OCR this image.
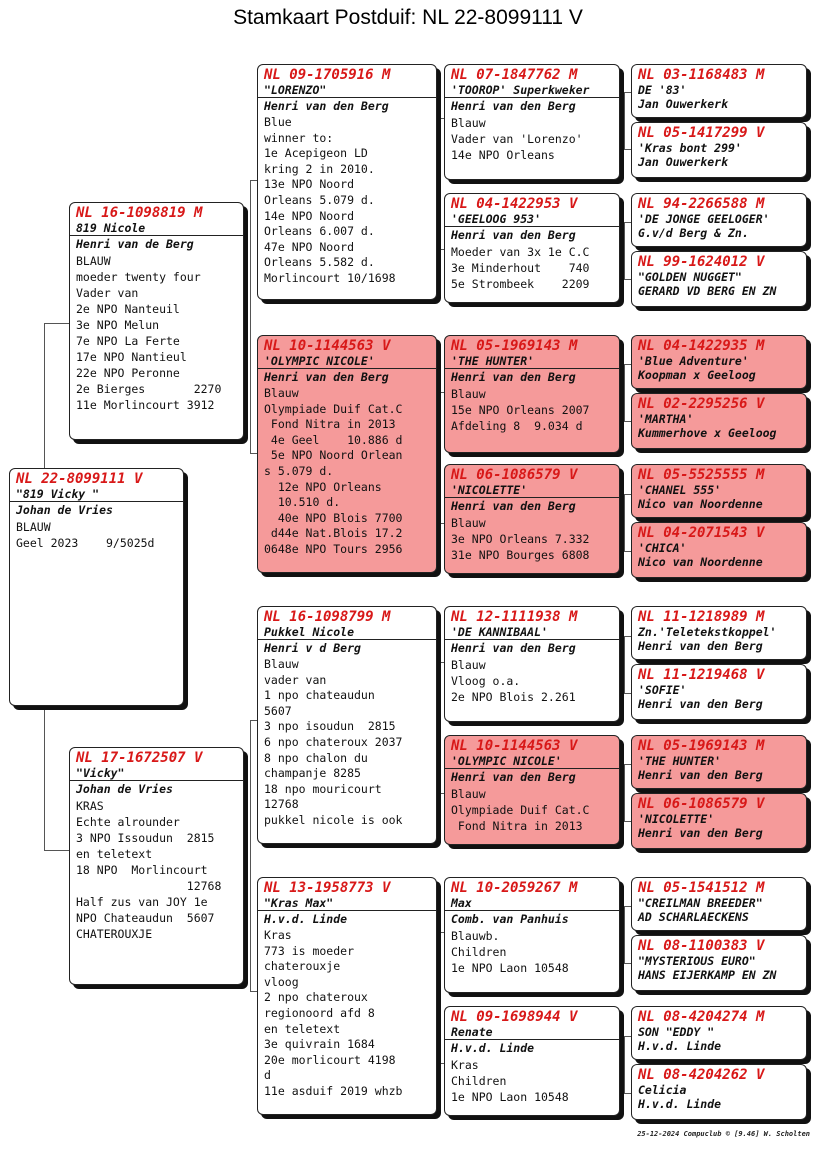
Stamkaart Postduif: NL 22-8099111 V
NL 22-8099111 V
"819 Vicky "
Johan de Vries
BLAUW
Geel 2023    9/5025d
NL 16-1098819 M
819 Nicole
Henri van de Berg
BLAUW
moeder twenty four
Vader van
2e NPO Nanteuil
3e NPO Melun
7e NPO La Ferte
17e NPO Nantieul
22e NPO Peronne
2e Bierges       2270
11e Morlincourt 3912
NL 17-1672507 V
"Vicky"
Johan de Vries
KRAS
Echte alrounder
3 NPO Issoudun  2815
en teletext
18 NPO  Morlincourt
12768
Half zus van JOY 1e
NPO Chateaudun  5607
CHATEROUXJE
NL 09-1705916 M
"LORENZO"
Henri van den Berg
Blue
winner to:
1e Acepigeon LD
kring 2 in 2010.
13e NPO Noord
Orleans 5.079 d.
14e NPO Noord
Orleans 6.007 d.
47e NPO Noord
Orleans 5.582 d.
Morlincourt 10/1698
NL 10-1144563 V
'OLYMPIC NICOLE'
Henri van den Berg
Blauw
Olympiade Duif Cat.C
Fond Nitra in 2013
4e Geel    10.886 d
5e NPO Noord Orlean
s 5.079 d.
12e NPO Orleans
10.510 d.
40e NPO Blois 7700
d44e Nat.Blois 17.2
0648e NPO Tours 2956
NL 16-1098799 M
Pukkel Nicole
Henri v d Berg
Blauw
vader van
1 npo chateaudun
5607
3 npo isoudun  2815
6 npo chateroux 2037
8 npo chalon du
champanje 8285
18 npo mouricourt
12768
pukkel nicole is ook
NL 13-1958773 V
"Kras Max"
H.v.d. Linde
Kras
773 is moeder
chaterouxje
vloog
2 npo chateroux
regionoord afd 8
en teletext
3e quivrain 1684
20e morlicourt 4198
d
11e asduif 2019 whzb
NL 07-1847762 M
'TOOROP' Superkweker
Henri van den Berg
Blauw
Vader van 'Lorenzo'
14e NPO Orleans
NL 04-1422953 V
'GEELOOG 953'
Henri van den Berg
Moeder van 3x 1e C.C
3e Minderhout    740
5e Strombeek    2209
NL 05-1969143 M
'THE HUNTER'
Henri van den Berg
Blauw
15e NPO Orleans 2007
Afdeling 8  9.034 d
NL 06-1086579 V
'NICOLETTE'
Henri van den Berg
Blauw
3e NPO Orleans 7.332
31e NPO Bourges 6808
NL 12-1111938 M
'DE KANNIBAAL'
Henri van den Berg
Blauw
Vloog o.a.
2e NPO Blois 2.261
NL 10-1144563 V
'OLYMPIC NICOLE'
Henri van den Berg
Blauw
Olympiade Duif Cat.C
Fond Nitra in 2013
NL 10-2059267 M
Max
Comb. van Panhuis
Blauwb.
Children
1e NPO Laon 10548
NL 09-1698944 V
Renate
H.v.d. Linde
Kras
Children
1e NPO Laon 10548
NL 03-1168483 M
DE '83'
Jan Ouwerkerk
NL 05-1417299 V
'Kras bont 299'
Jan Ouwerkerk
NL 94-2266588 M
'DE JONGE GEELOGER'
G.v/d Berg & Zn.
NL 99-1624012 V
"GOLDEN NUGGET"
GERARD VD BERG EN ZN
NL 04-1422935 M
'Blue Adventure'
Koopman x Geeloog
NL 02-2295256 V
'MARTHA'
Kummerhove x Geeloog
NL 05-5525555 M
'CHANEL 555'
Nico van Noordenne
NL 04-2071543 V
'CHICA'
Nico van Noordenne
NL 11-1218989 M
Zn.'Teletekstkoppel'
Henri van den Berg
NL 11-1219468 V
'SOFIE'
Henri van den Berg
NL 05-1969143 M
'THE HUNTER'
Henri van den Berg
NL 06-1086579 V
'NICOLETTE'
Henri van den Berg
NL 05-1541512 M
"CREILMAN BREEDER"
AD SCHARLAECKENS
NL 08-1100383 V
"MYSTERIOUS EURO"
HANS EIJERKAMP EN ZN
NL 08-4204274 M
SON "EDDY "
H.v.d. Linde
NL 08-4204262 V
Celicia
H.v.d. Linde
25-12-2024 Compuclub © [9.46] W. Scholten
